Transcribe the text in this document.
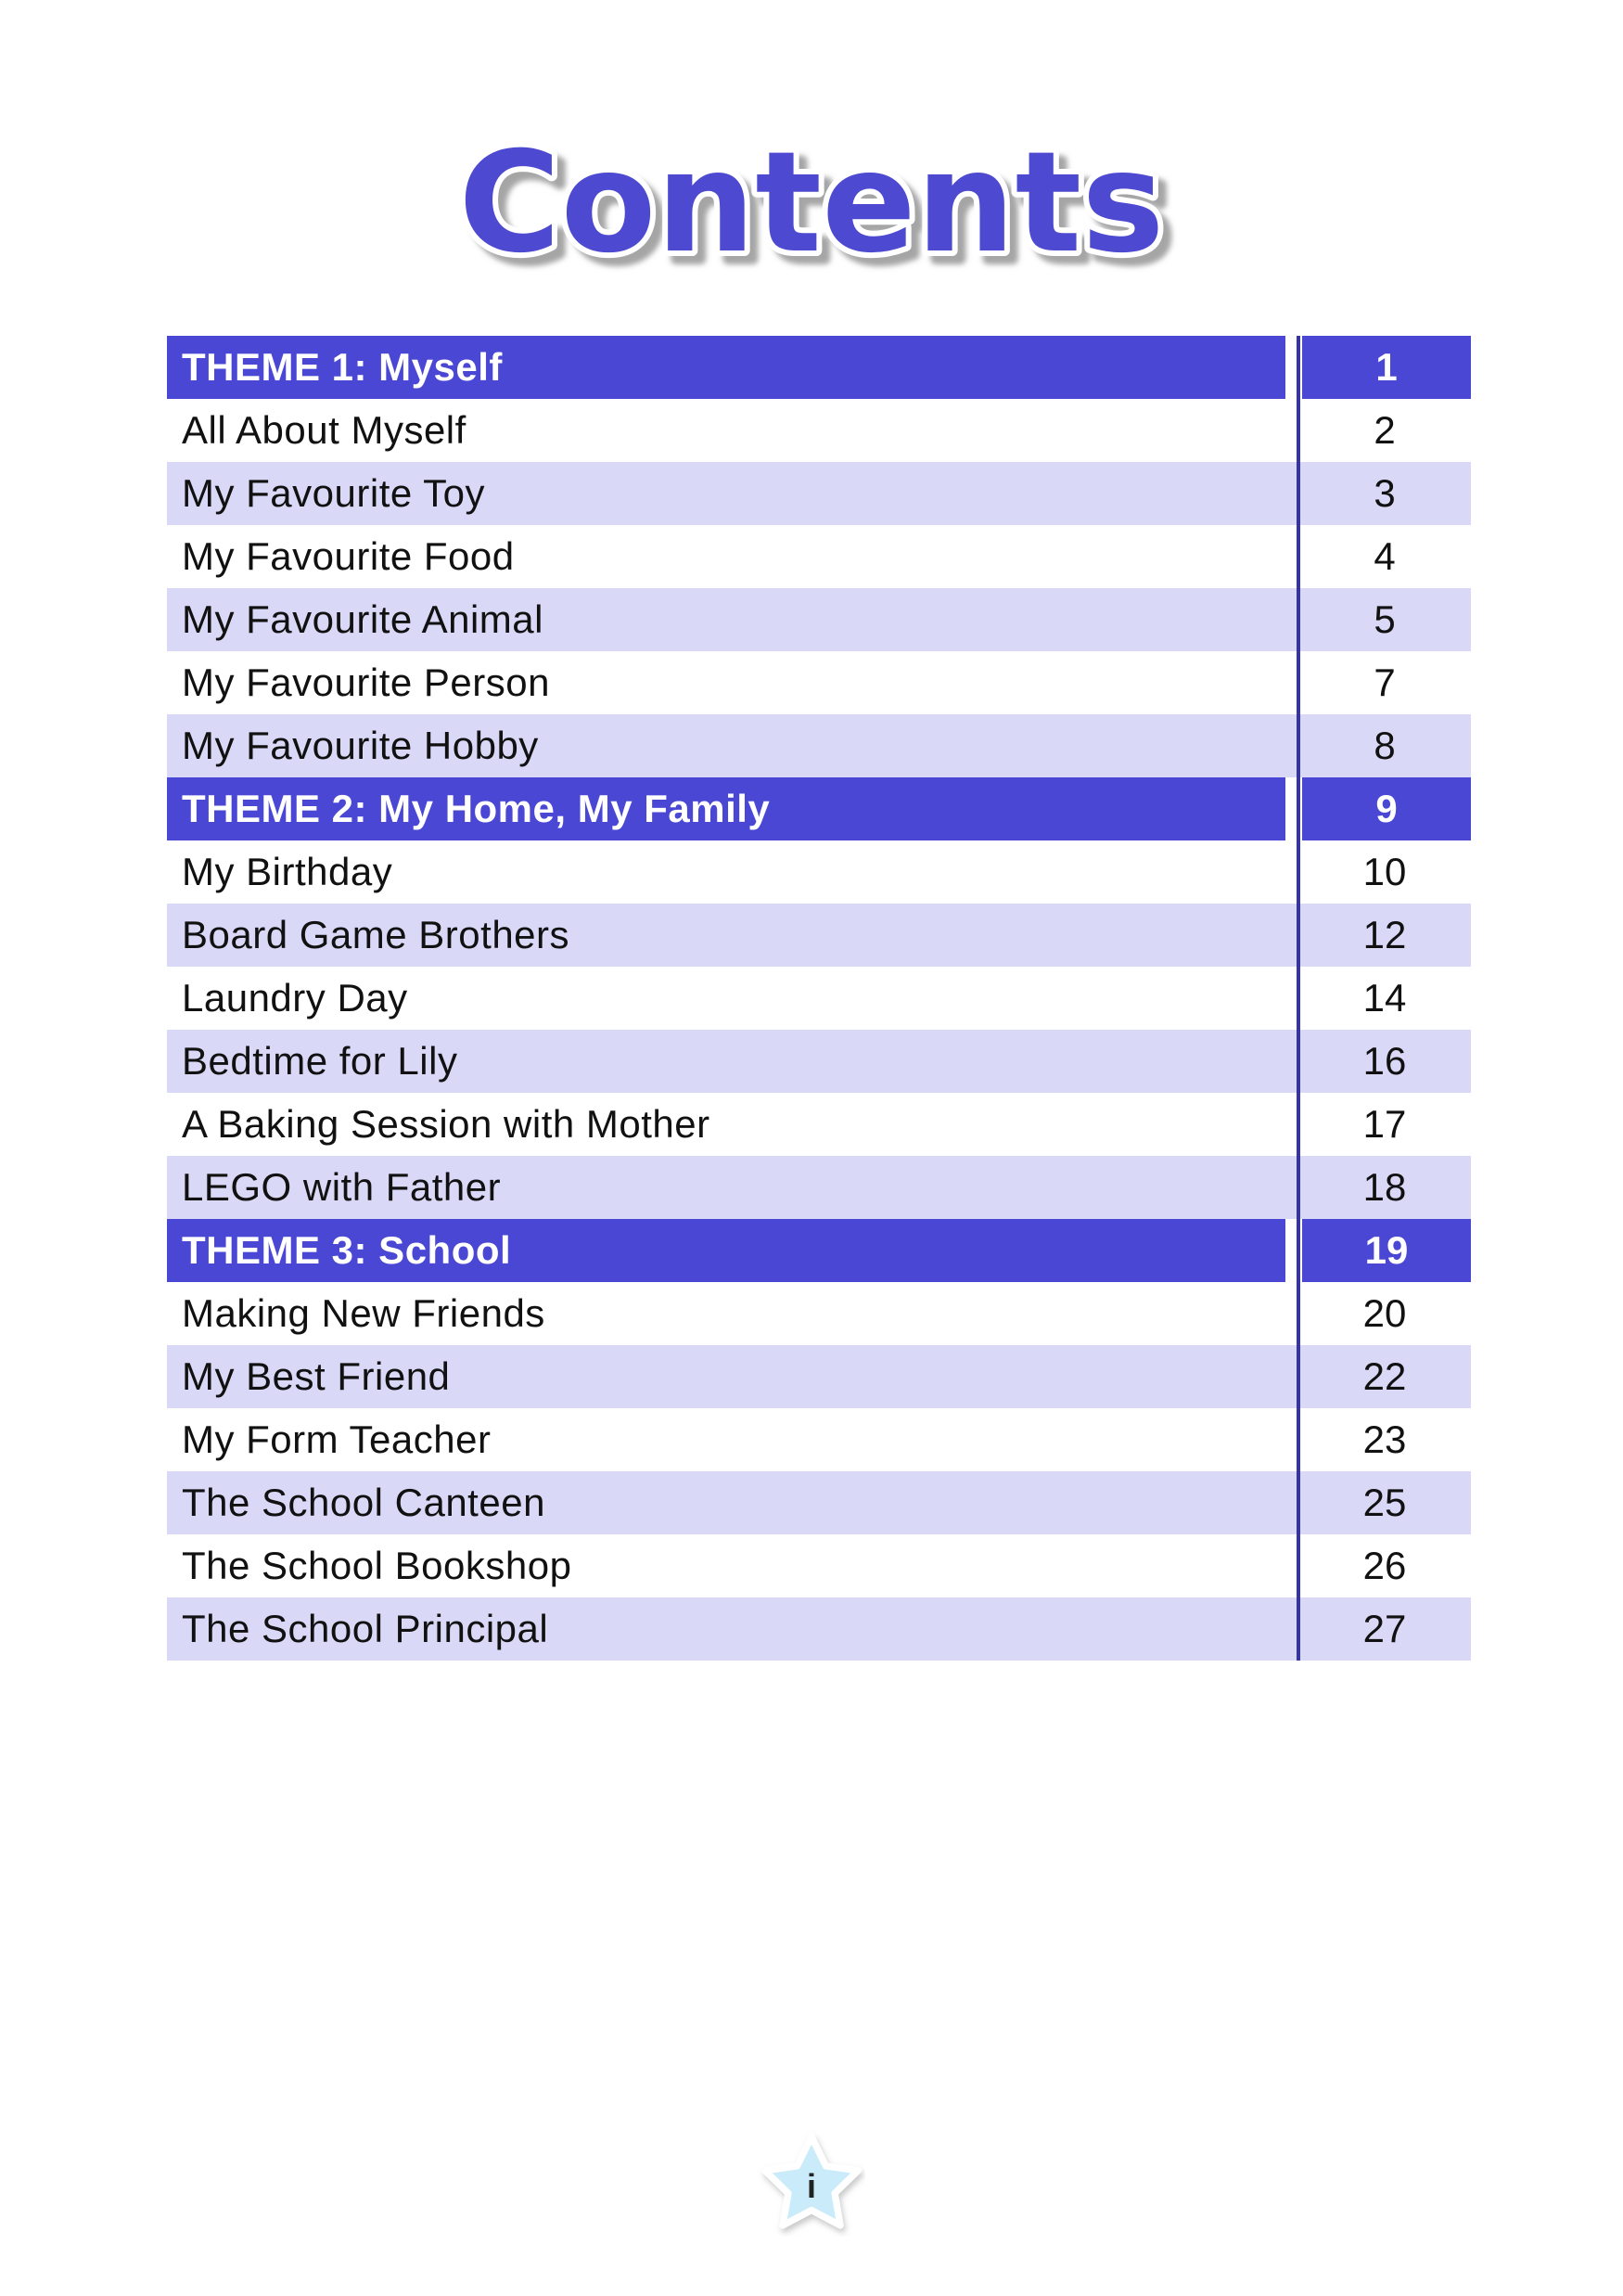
Contents
THEME 1: Myself	1
All About Myself	2
My Favourite Toy	3
My Favourite Food	4
My Favourite Animal	5
My Favourite Person	7
My Favourite Hobby	8
THEME 2: My Home, My Family	9
My Birthday	10
Board Game Brothers	12
Laundry Day	14
Bedtime for Lily	16
A Baking Session with Mother	17
LEGO with Father	18
THEME 3: School	19
Making New Friends	20
My Best Friend	22
My Form Teacher	23
The School Canteen	25
The School Bookshop	26
The School Principal	27
i
